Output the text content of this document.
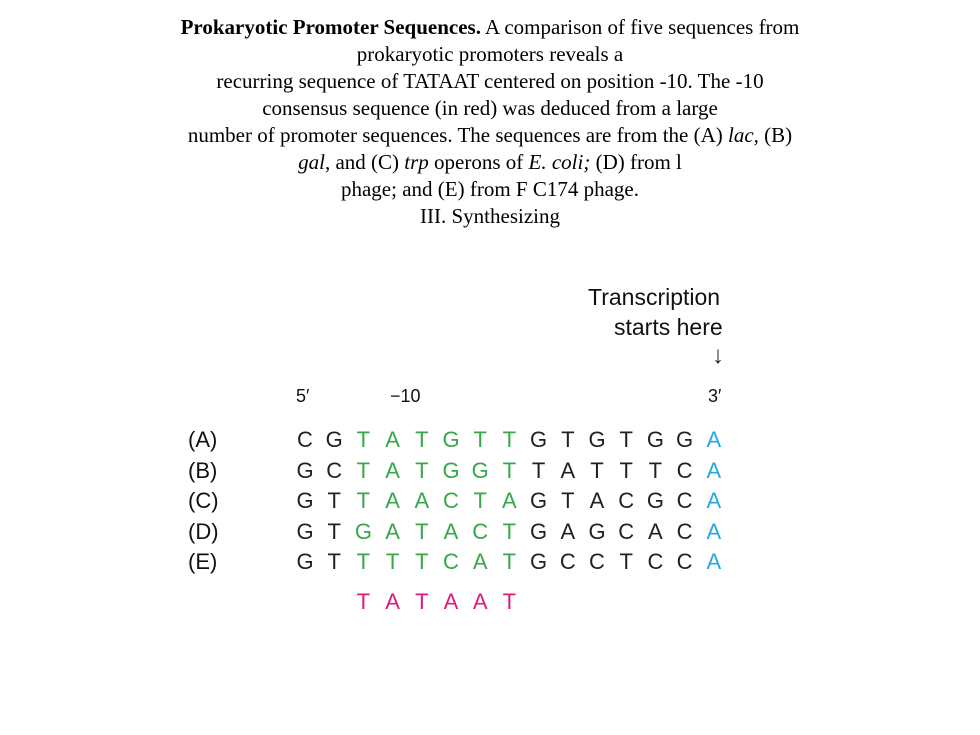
Prokaryotic Promoter Sequences. A comparison of five sequences from
prokaryotic promoters reveals a
recurring sequence of TATAAT centered on position -10. The -10
consensus sequence (in red) was deduced from a large
number of promoter sequences. The sequences are from the (A) lac, (B)
gal, and (C) trp operons of E. coli; (D) from l
phage; and (E) from F C174 phage.
III. Synthesizing
Transcription
starts here
↓
5′	−10	3′
(A)	C G T A T G T T G T G T G G A
(B)	G C T A T G G T T A T T T C A
(C)	G T T A A C T A G T A C G C A
(D)	G T G A T A C T G A G C A C A
(E)	G T T T T C A T G C C T C C A
T A T A A T
